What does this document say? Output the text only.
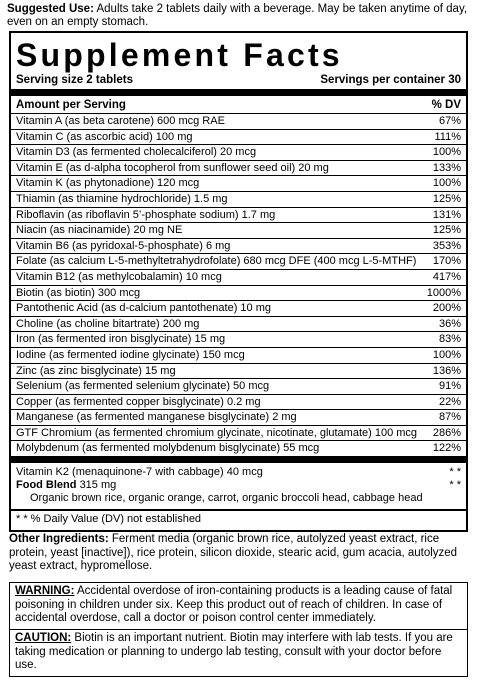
Suggested Use: Adults take 2 tablets daily with a beverage. May be taken anytime of day, even on an empty stomach.
Supplement Facts
Serving size 2 tablets	Servings per container 30
Amount per Serving	% DV
Vitamin A (as beta carotene) 600 mcg RAE	67%
Vitamin C (as ascorbic acid) 100 mg	111%
Vitamin D3 (as fermented cholecalciferol) 20 mcg	100%
Vitamin E (as d-alpha tocopherol from sunflower seed oil) 20 mg	133%
Vitamin K (as phytonadione) 120 mcg	100%
Thiamin (as thiamine hydrochloride) 1.5 mg	125%
Riboflavin (as riboflavin 5’-phosphate sodium) 1.7 mg	131%
Niacin (as niacinamide) 20 mg NE	125%
Vitamin B6 (as pyridoxal-5-phosphate) 6 mg	353%
Folate (as calcium L-5-methyltetrahydrofolate) 680 mcg DFE (400 mcg L-5-MTHF) 170%
Vitamin B12 (as methylcobalamin) 10 mcg	417%
Biotin (as biotin) 300 mcg	1000%
Pantothenic Acid (as d-calcium pantothenate) 10 mg	200%
Choline (as choline bitartrate) 200 mg	36%
Iron (as fermented iron bisglycinate) 15 mg	83%
Iodine (as fermented iodine glycinate) 150 mcg	100%
Zinc (as zinc bisglycinate) 15 mg	136%
Selenium (as fermented selenium glycinate) 50 mcg	91%
Copper (as fermented copper bisglycinate) 0.2 mg	22%
Manganese (as fermented manganese bisglycinate) 2 mg	87%
GTF Chromium (as fermented chromium glycinate, nicotinate, glutamate) 100 mcg 286%
Molybdenum (as fermented molybdenum bisglycinate) 55 mcg	122%
Vitamin K2 (menaquinone-7 with cabbage) 40 mcg	* *
Food Blend 315 mg	* *
Organic brown rice, organic orange, carrot, organic broccoli head, cabbage head
* * % Daily Value (DV) not established
Other Ingredients: Ferment media (organic brown rice, autolyzed yeast extract, rice protein, yeast [inactive]), rice protein, silicon dioxide, stearic acid, gum acacia, autolyzed yeast extract, hypromellose.
WARNING: Accidental overdose of iron-containing products is a leading cause of fatal poisoning in children under six. Keep this product out of reach of children. In case of accidental overdose, call a doctor or poison control center immediately.
CAUTION: Biotin is an important nutrient. Biotin may interfere with lab tests. If you are taking medication or planning to undergo lab testing, consult with your doctor before use.
